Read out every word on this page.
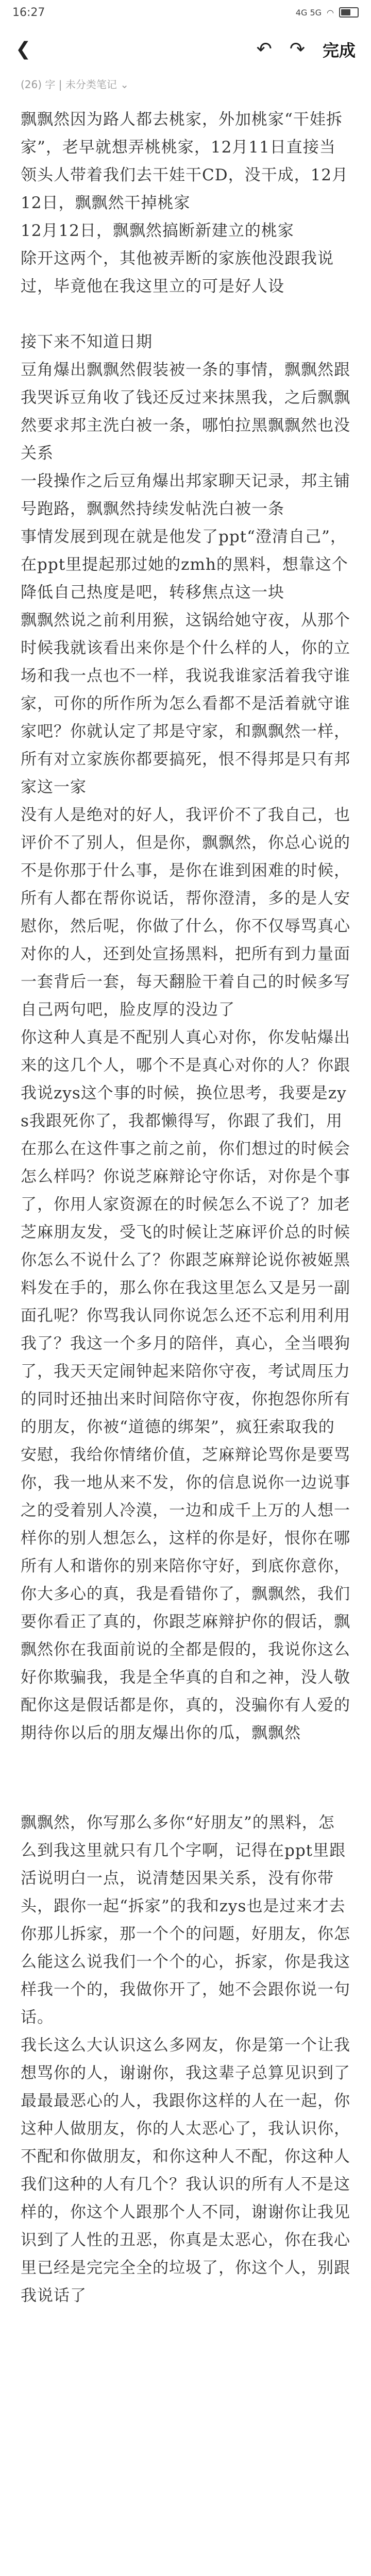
16:27	4G 5G ◠
❮	↶ ↷ 完成
(26) 字 | 未分类笔记 ⌄

飘飘然因为路人都去桃家，外加桃家“干娃拆家”，老早就想弄桃桃家，12月11日直接当领头人带着我们去干娃干CD，没干成，12月12日，飘飘然干掉桃家

12月12日，飘飘然搞断新建立的桃家

除开这两个，其他被弄断的家族他没跟我说过，毕竟他在我这里立的可是好人设

接下来不知道日期

豆角爆出飘飘然假装被一条的事情，飘飘然跟我哭诉豆角收了钱还反过来抹黑我，之后飘飘然要求邦主洗白被一条，哪怕拉黑飘飘然也没关系

一段操作之后豆角爆出邦家聊天记录，邦主铺号跑路，飘飘然持续发帖洗白被一条

事情发展到现在就是他发了ppt“澄清自己”，在ppt里提起那过她的zmh的黑料，想靠这个降低自己热度是吧，转移焦点这一块

飘飘然说之前利用猴，这锅给她守夜，从那个时候我就该看出来你是个什么样的人，你的立场和我一点也不一样，我说我谁家活着我守谁家，可你的所作所为怎么看都不是活着就守谁家吧？你就认定了邦是守家，和飘飘然一样，所有对立家族你都要搞死，恨不得邦是只有邦家这一家

没有人是绝对的好人，我评价不了我自己，也评价不了别人，但是你，飘飘然，你总心说的不是你那于什么事，是你在谁到困难的时候，所有人都在帮你说话，帮你澄清，多的是人安慰你，然后呢，你做了什么，你不仅辱骂真心对你的人，还到处宣扬黑料，把所有到力量面一套背后一套，每天翻脸干着自己的时候多写自己两句吧，脸皮厚的没边了

你这种人真是不配别人真心对你，你发帖爆出来的这几个人，哪个不是真心对你的人？你跟我说zys这个事的时候，换位思考，我要是zys我跟死你了，我都懒得写，你跟了我们，用在那么在这件事之前之前，你们想过的时候会怎么样吗？你说芝麻辩论守你话，对你是个事了，你用人家资源在的时候怎么不说了？加老芝麻朋友发，受飞的时候让芝麻评价总的时候你怎么不说什么了？你跟芝麻辩论说你被姬黑料发在手的，那么你在我这里怎么又是另一副面孔呢？你骂我认同你说怎么还不忘利用利用我了？我这一个多月的陪伴，真心，全当喂狗了，我天天定闹钟起来陪你守夜，考试周压力的同时还抽出来时间陪你守夜，你抱怨你所有的朋友，你被“道德的绑架”，疯狂索取我的安慰，我给你情绪价值，芝麻辩论骂你是要骂你，我一地从来不发，你的信息说你一边说事之的受着别人冷漠，一边和成千上万的人想一样你的别人想怎么，这样的你是好，恨你在哪所有人和谐你的别来陪你守好，到底你意你，你大多心的真，我是看错你了，飘飘然，我们要你看正了真的，你跟芝麻辩护你的假话，飘飘然你在我面前说的全都是假的，我说你这么好你欺骗我，我是全华真的自和之神，没人敬配你这是假话都是你，真的，没骗你有人爱的

期待你以后的朋友爆出你的瓜，飘飘然

飘飘然，你写那么多你“好朋友”的黑料，怎么到我这里就只有几个字啊，记得在ppt里跟活说明白一点，说清楚因果关系，没有你带头，跟你一起“拆家”的我和zys也是过来才去你那儿拆家，那一个个的问题，好朋友，你怎么能这么说我们一个个的心，拆家，你是我这样我一个的，我做你开了，她不会跟你说一句话。

我长这么大认识这么多网友，你是第一个让我想骂你的人，谢谢你，我这辈子总算见识到了最最最恶心的人，我跟你这样的人在一起，你这种人做朋友，你的人太恶心了，我认识你，不配和你做朋友，和你这种人不配，你这种人我们这种的人有几个？我认识的所有人不是这样的，你这个人跟那个人不同，谢谢你让我见识到了人性的丑恶，你真是太恶心，你在我心里已经是完完全全的垃圾了，你这个人，别跟我说话了
